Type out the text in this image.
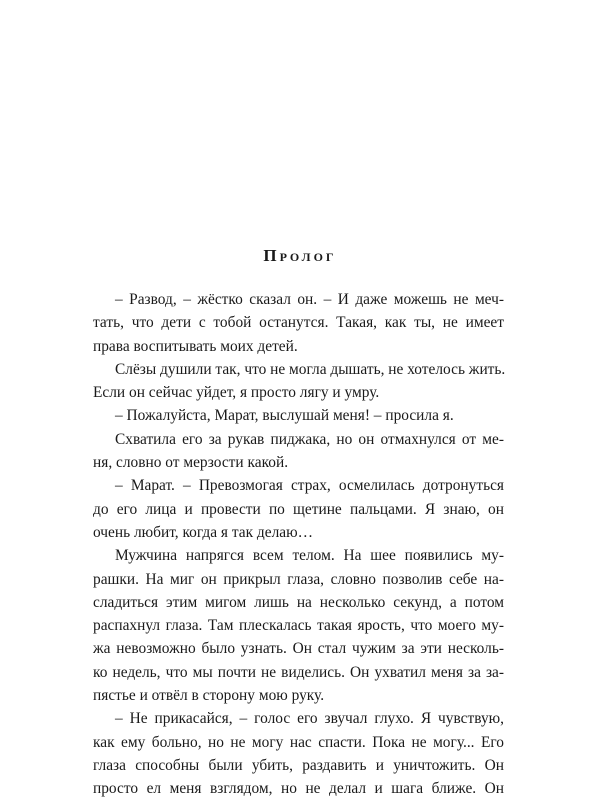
Пролог
– Развод, – жёстко сказал он. – И даже можешь не меч-
тать, что дети с тобой останутся. Такая, как ты, не имеет
права воспитывать моих детей.
Слёзы душили так, что не могла дышать, не хотелось жить.
Если он сейчас уйдет, я просто лягу и умру.
– Пожалуйста, Марат, выслушай меня! – просила я.
Схватила его за рукав пиджака, но он отмахнулся от ме-
ня, словно от мерзости какой.
– Марат. – Превозмогая страх, осмелилась дотронуться
до его лица и провести по щетине пальцами. Я знаю, он
очень любит, когда я так делаю…
Мужчина напрягся всем телом. На шее появились му-
рашки. На миг он прикрыл глаза, словно позволив себе на-
сладиться этим мигом лишь на несколько секунд, а потом
распахнул глаза. Там плескалась такая ярость, что моего му-
жа невозможно было узнать. Он стал чужим за эти несколь-
ко недель, что мы почти не виделись. Он ухватил меня за за-
пястье и отвёл в сторону мою руку.
– Не прикасайся, – голос его звучал глухо. Я чувствую,
как ему больно, но не могу нас спасти. Пока не могу... Его
глаза способны были убить, раздавить и уничтожить. Он
просто ел меня взглядом, но не делал и шага ближе. Он
